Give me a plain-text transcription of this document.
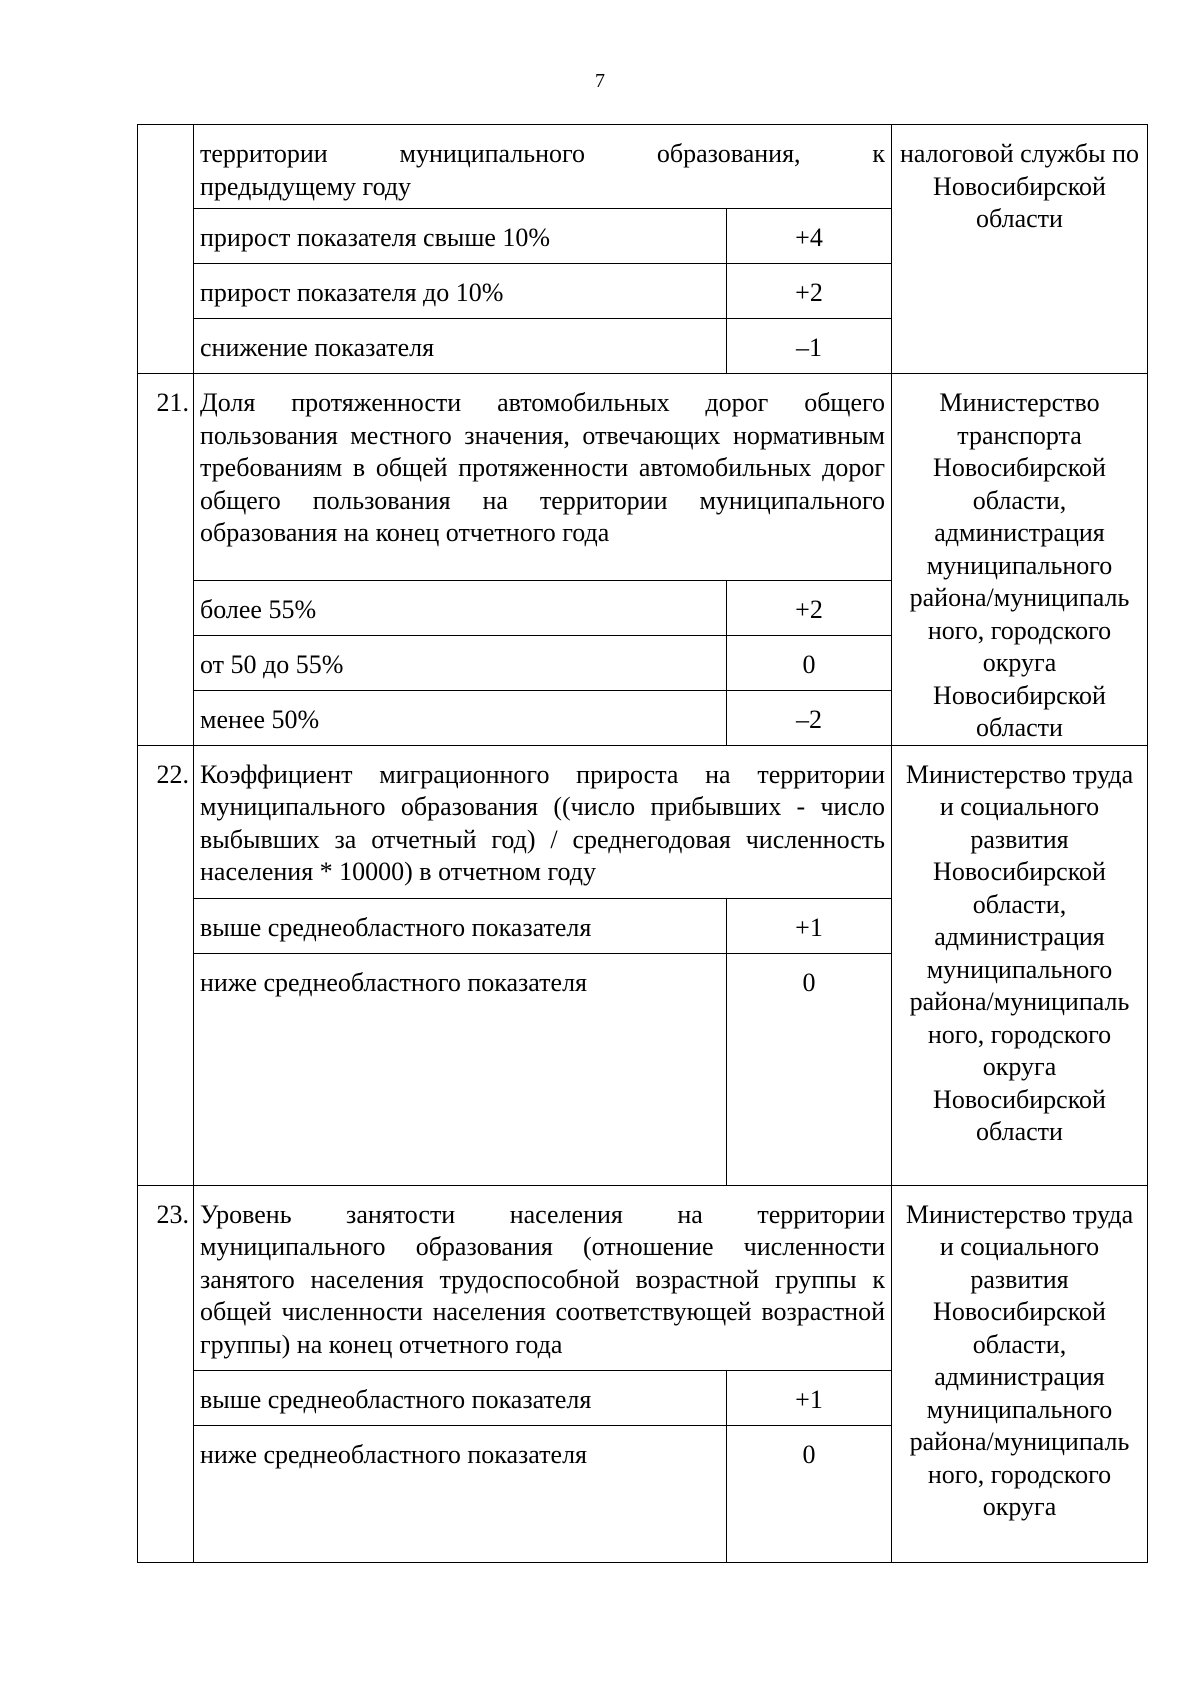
7

	территории муниципального образования, к
предыдущему году		налоговой службы по Новосибирской области
	прирост показателя свыше 10%	+4	
	прирост показателя до 10%	+2	
	снижение показателя	–1	
21.	Доля протяженности автомобильных дорог общего пользования местного значения, отвечающих нормативным требованиям в общей протяженности автомобильных дорог общего пользования на территории муниципального образования на конец отчетного года		Министерство транспорта Новосибирской области, администрация муниципального района/муниципаль ного, городского округа Новосибирской области
	более 55%	+2	
	от 50 до 55%	0	
	менее 50%	–2	
22.	Коэффициент миграционного прироста на территории муниципального образования ((число прибывших - число выбывших за отчетный год) / среднегодовая численность населения * 10000) в отчетном году		Министерство труда и социального развития Новосибирской области, администрация муниципального района/муниципаль ного, городского округа Новосибирской области
	выше среднеобластного показателя	+1	
	ниже среднеобластного показателя	0	
23.	Уровень занятости населения на территории муниципального образования (отношение численности занятого населения трудоспособной возрастной группы к общей численности населения соответствующей возрастной группы) на конец отчетного года		Министерство труда и социального развития Новосибирской области, администрация муниципального района/муниципаль ного, городского округа
	выше среднеобластного показателя	+1	
	ниже среднеобластного показателя	0	
